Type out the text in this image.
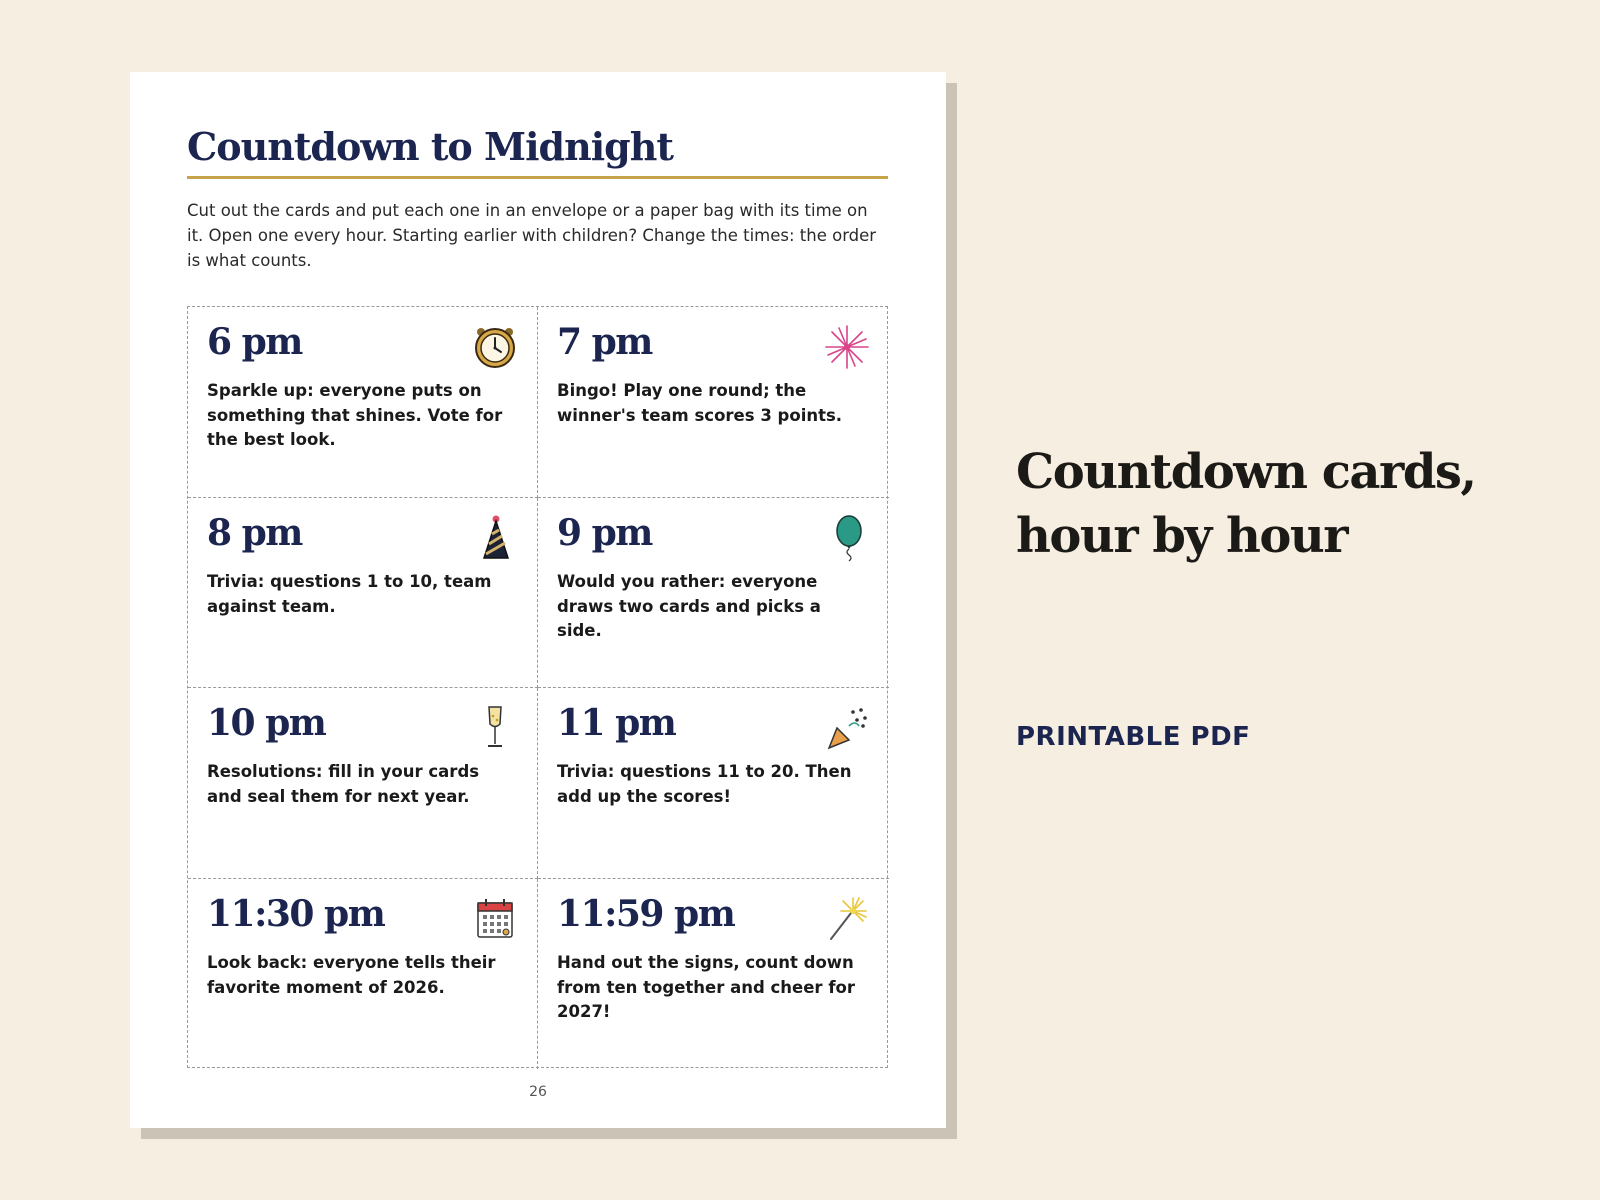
Countdown to Midnight

Cut out the cards and put each one in an envelope or a paper bag with its time on it. Open one every hour. Starting earlier with children? Change the times: the order is what counts.

6 pm
Sparkle up: everyone puts on something that shines. Vote for the best look.
7 pm
Bingo! Play one round; the winner's team scores 3 points.
8 pm
Trivia: questions 1 to 10, team against team.
9 pm
Would you rather: everyone draws two cards and picks a side.
10 pm
Resolutions: fill in your cards and seal them for next year.
11 pm
Trivia: questions 11 to 20. Then add up the scores!
11:30 pm
Look back: everyone tells their favorite moment of 2026.
11:59 pm
Hand out the signs, count down from ten together and cheer for 2027!
26
Countdown cards,
hour by hour
PRINTABLE PDF
